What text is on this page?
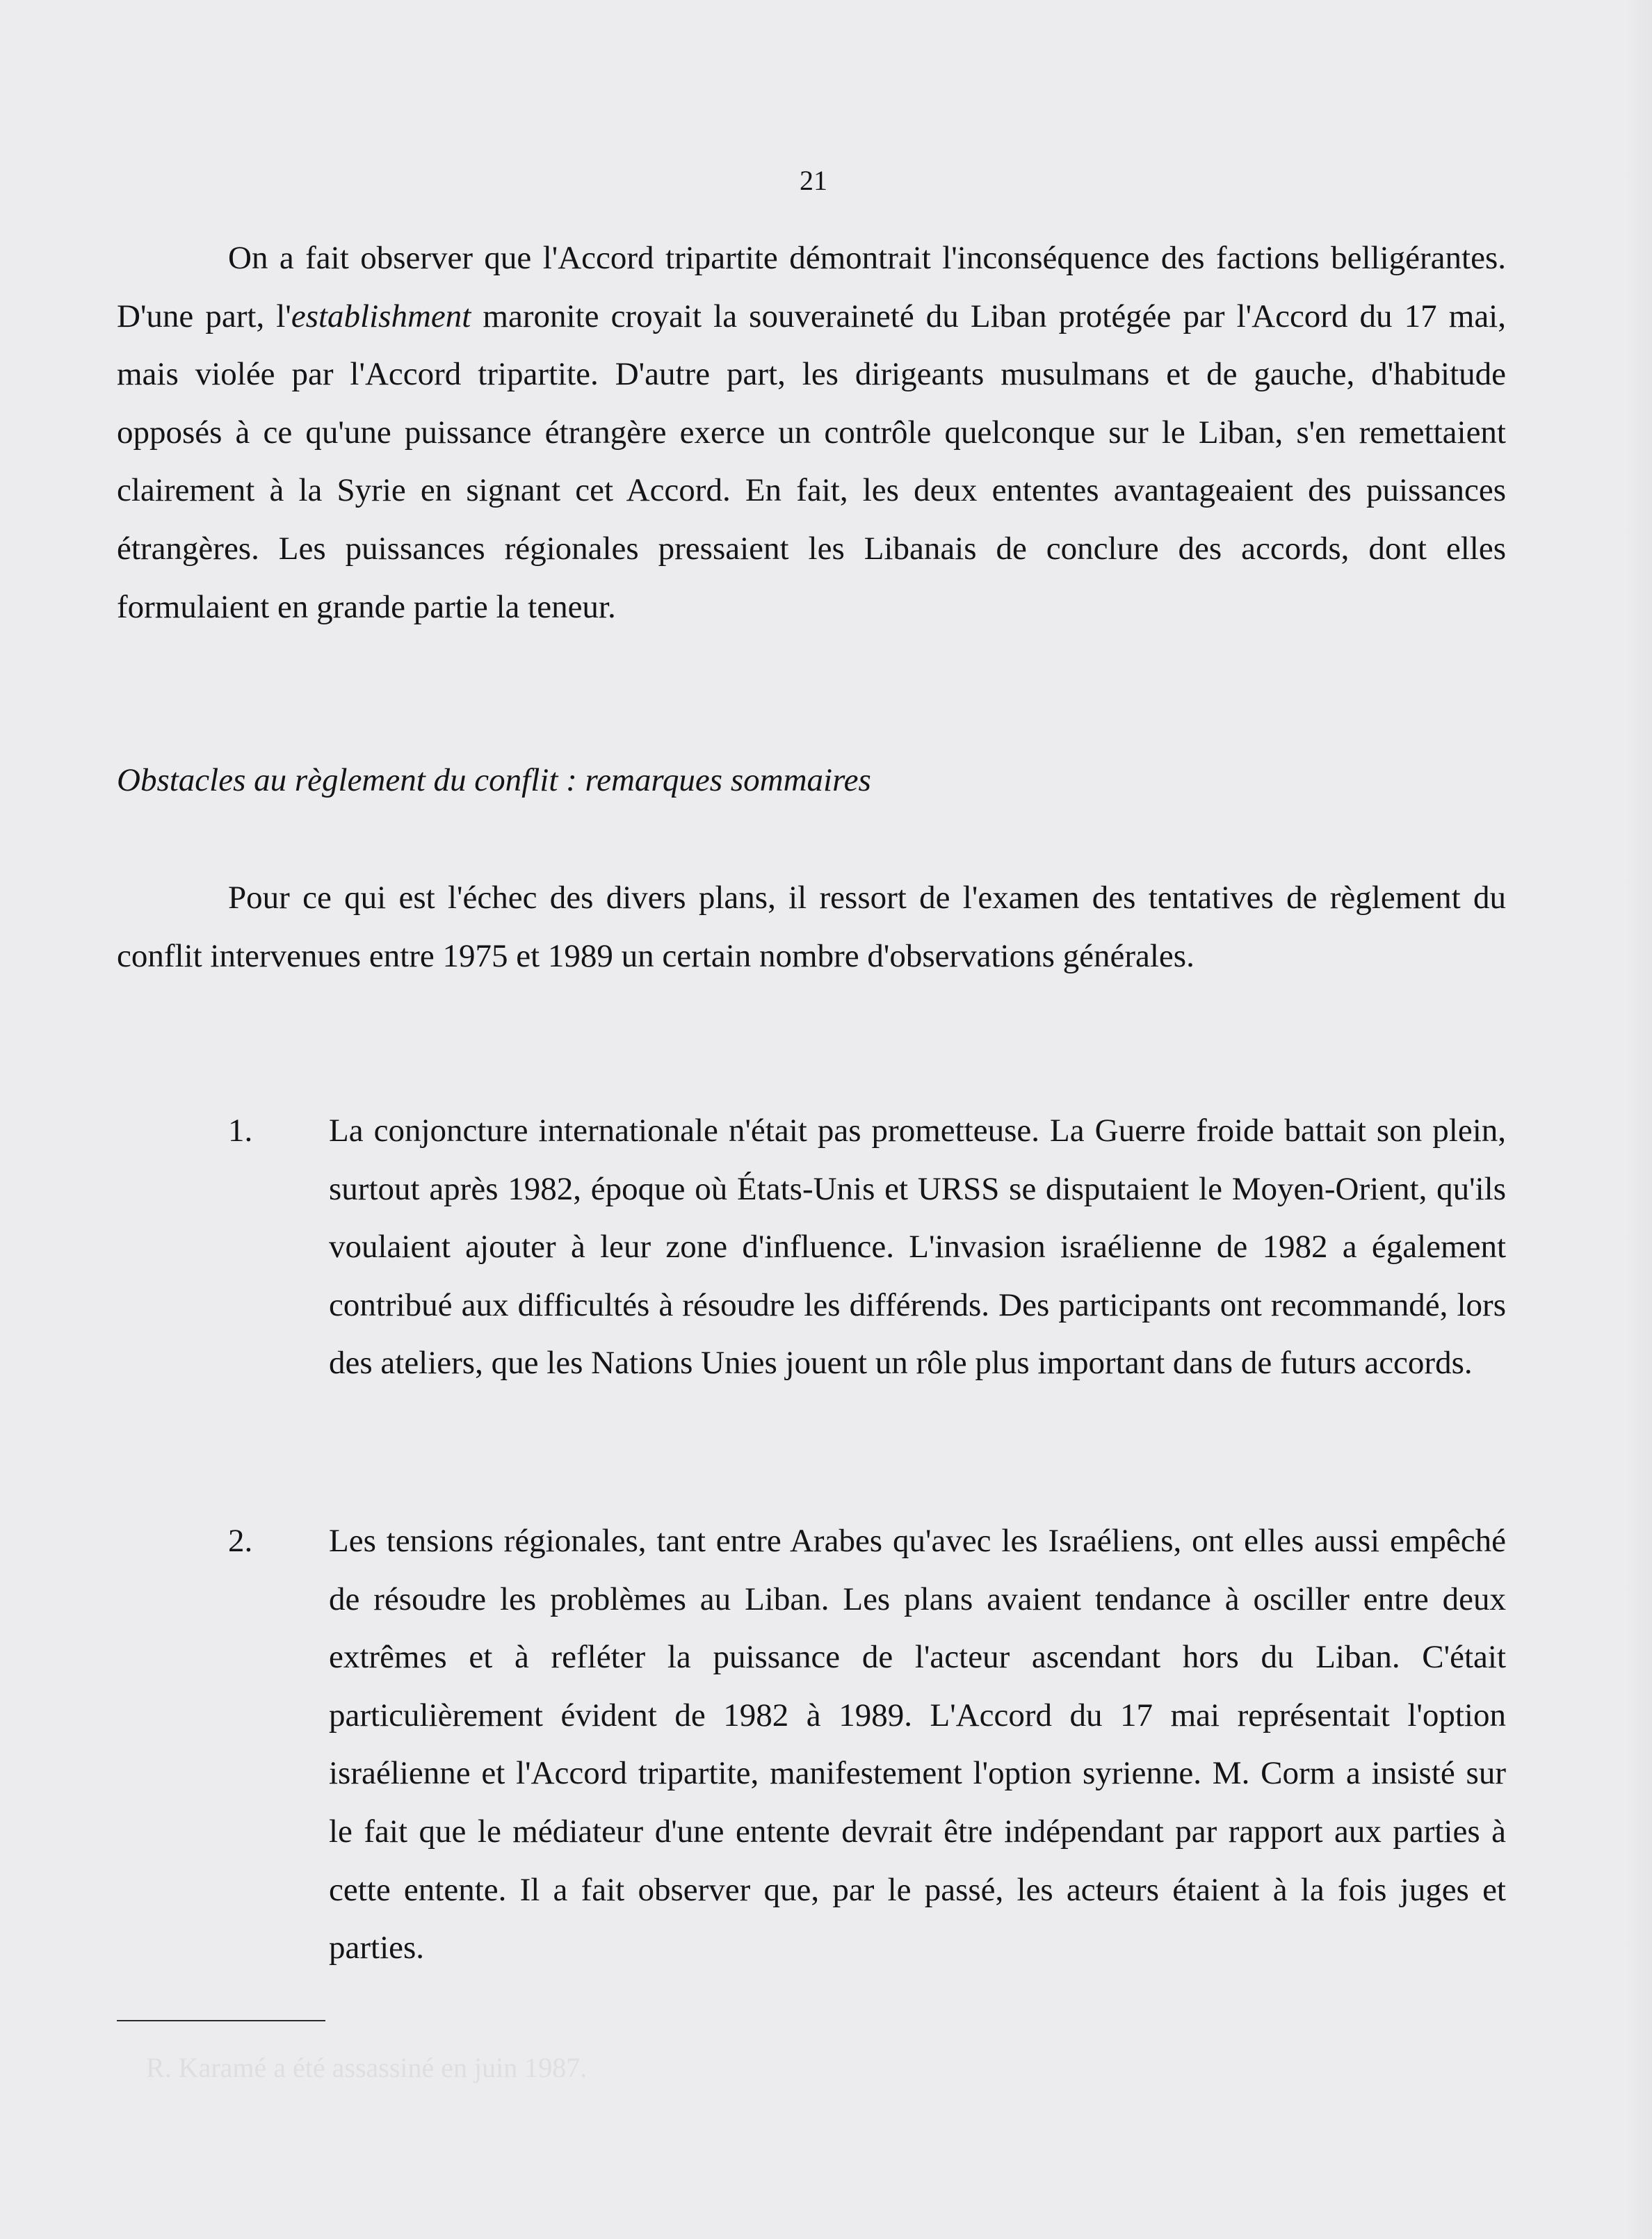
21

On a fait observer que l'Accord tripartite démontrait l'inconséquence des factions belligérantes. D'une part, l'establishment maronite croyait la souveraineté du Liban protégée par l'Accord du 17 mai, mais violée par l'Accord tripartite. D'autre part, les dirigeants musulmans et de gauche, d'habitude opposés à ce qu'une puissance étrangère exerce un contrôle quelconque sur le Liban, s'en remettaient clairement à la Syrie en signant cet Accord. En fait, les deux ententes avantageaient des puissances étrangères. Les puissances régionales pressaient les Libanais de conclure des accords, dont elles formulaient en grande partie la teneur.

Obstacles au règlement du conflit : remarques sommaires

Pour ce qui est l'échec des divers plans, il ressort de l'examen des tentatives de règlement du conflit intervenues entre 1975 et 1989 un certain nombre d'observations générales.

1. La conjoncture internationale n'était pas prometteuse. La Guerre froide battait son plein, surtout après 1982, époque où États-Unis et URSS se disputaient le Moyen-Orient, qu'ils voulaient ajouter à leur zone d'influence. L'invasion israélienne de 1982 a également contribué aux difficultés à résoudre les différends. Des participants ont recommandé, lors des ateliers, que les Nations Unies jouent un rôle plus important dans de futurs accords.

2. Les tensions régionales, tant entre Arabes qu'avec les Israéliens, ont elles aussi empêché de résoudre les problèmes au Liban. Les plans avaient tendance à osciller entre deux extrêmes et à refléter la puissance de l'acteur ascendant hors du Liban. C'était particulièrement évident de 1982 à 1989. L'Accord du 17 mai représentait l'option israélienne et l'Accord tripartite, manifestement l'option syrienne. M. Corm a insisté sur le fait que le médiateur d'une entente devrait être indépendant par rapport aux parties à cette entente. Il a fait observer que, par le passé, les acteurs étaient à la fois juges et parties.

R. Karamé a été assassiné en juin 1987.
